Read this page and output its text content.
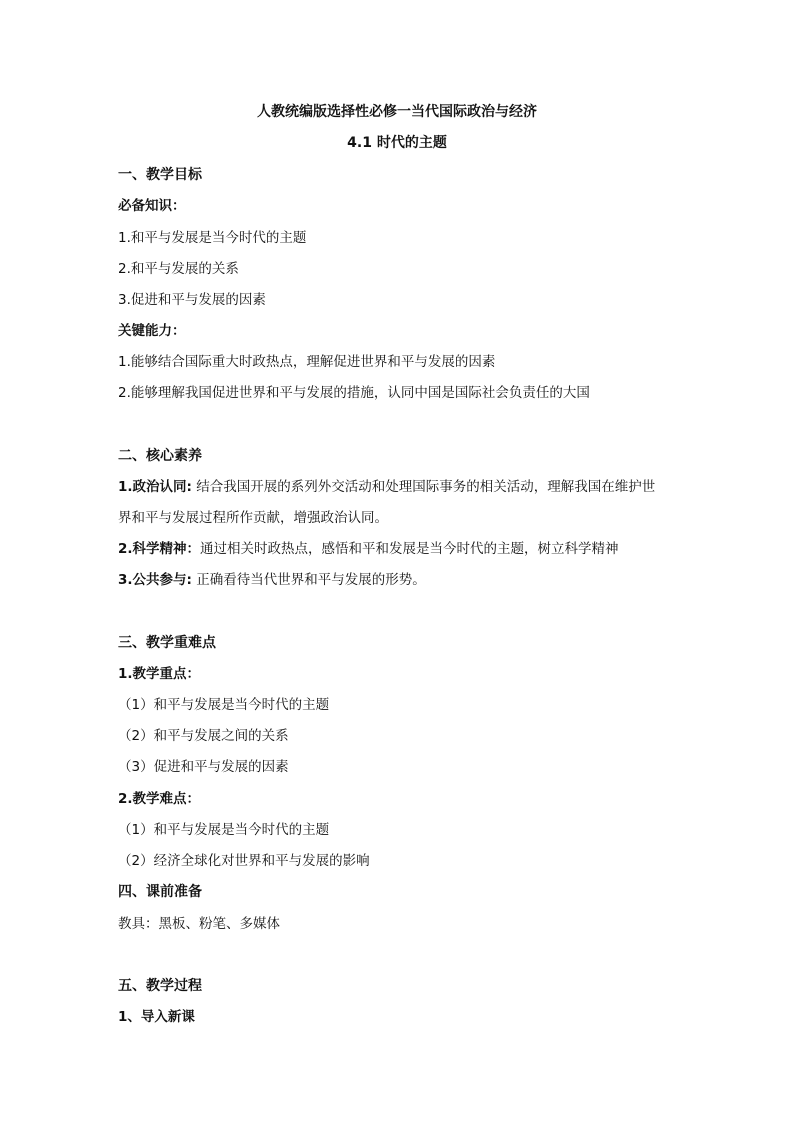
人教统编版选择性必修一当代国际政治与经济
4.1 时代的主题
一、教学目标
必备知识：
1.和平与发展是当今时代的主题
2.和平与发展的关系
3.促进和平与发展的因素
关键能力：
1.能够结合国际重大时政热点，理解促进世界和平与发展的因素
2.能够理解我国促进世界和平与发展的措施，认同中国是国际社会负责任的大国
二、核心素养
1.政治认同: 结合我国开展的系列外交活动和处理国际事务的相关活动，理解我国在维护世
界和平与发展过程所作贡献，增强政治认同。
2.科学精神：通过相关时政热点，感悟和平和发展是当今时代的主题，树立科学精神
3.公共参与: 正确看待当代世界和平与发展的形势。
三、教学重难点
1.教学重点：
（1）和平与发展是当今时代的主题
（2）和平与发展之间的关系
（3）促进和平与发展的因素
2.教学难点：
（1）和平与发展是当今时代的主题
（2）经济全球化对世界和平与发展的影响
四、课前准备
教具：黑板、粉笔、多媒体
五、教学过程
1、导入新课
